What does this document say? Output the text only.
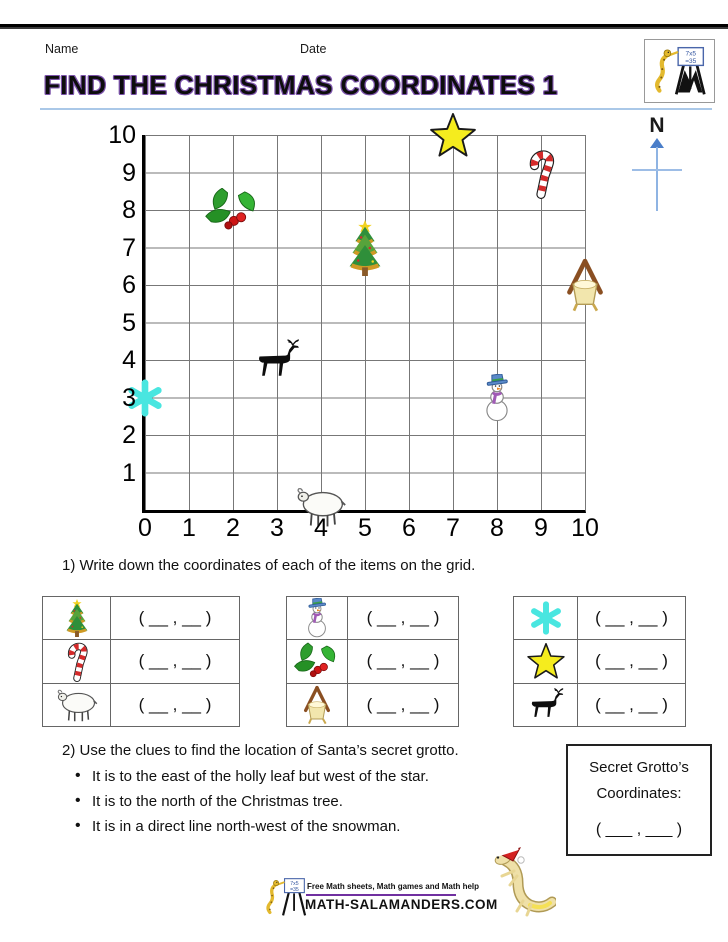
Name	Date
FIND THE CHRISTMAS COORDINATES 1
10
9
8
7
6
5
4
3
2
1
0	1	2	3	4	5	6	7	8	9 10
N
1) Write down the coordinates of each of the items on the grid.
( __ , __ )
( __ , __ )
( __ , __ )
( __ , __ )
( __ , __ )
( __ , __ )
( __ , __ )
( __ , __ )
( __ , __ )
2) Use the clues to find the location of Santa’s secret grotto.
• It is to the east of the holly leaf but west of the star.
• It is to the north of the Christmas tree.
• It is in a direct line north-west of the snowman.
Secret Grotto’s
Coordinates:
( ___ , ___ )
Free Math sheets, Math games and Math help
MATH-SALAMANDERS.COM
